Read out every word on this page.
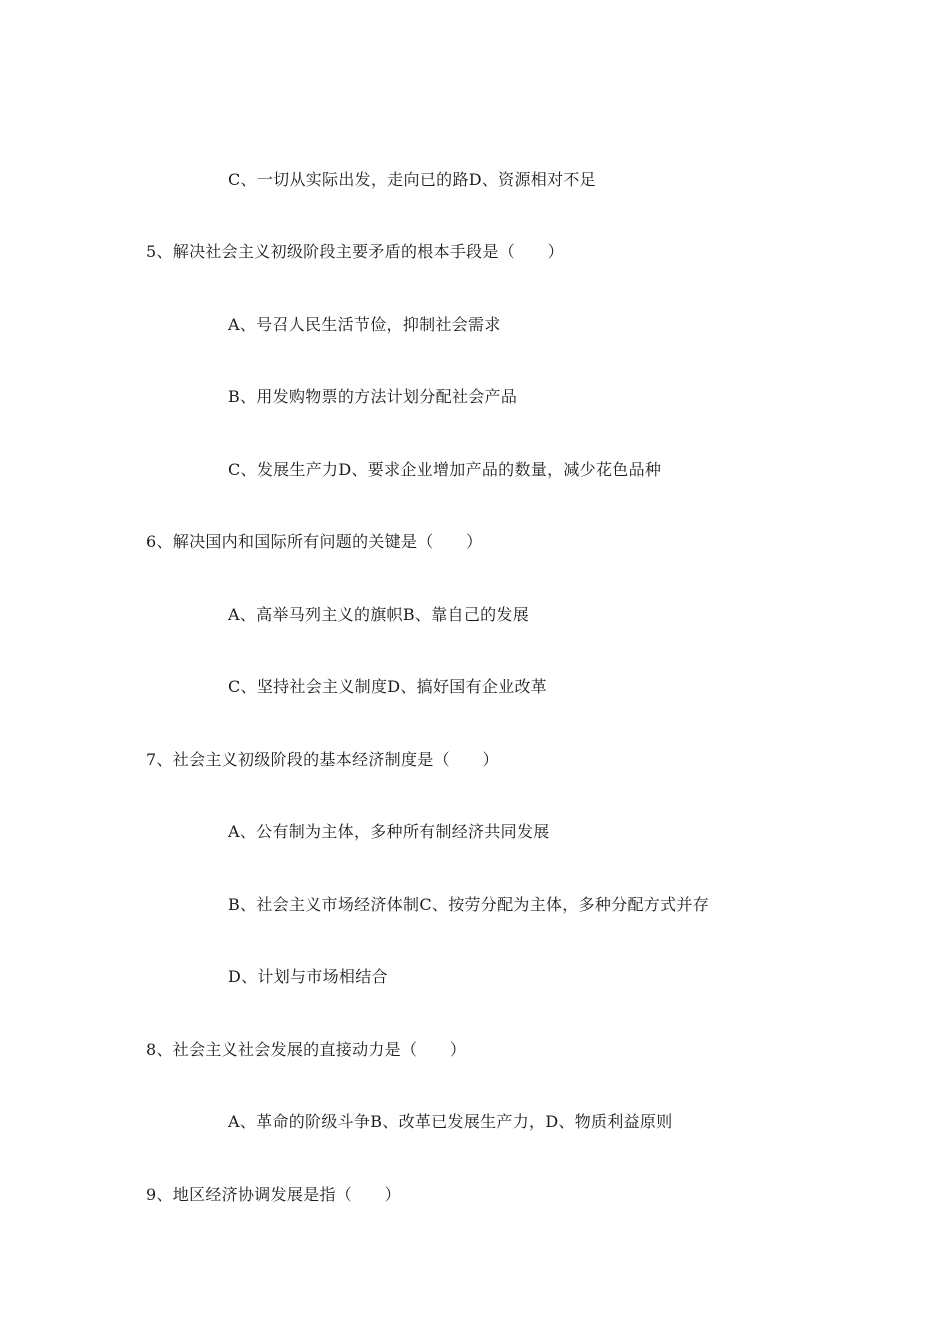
C、一切从实际出发，走向已的路D、资源相对不足
5、解决社会主义初级阶段主要矛盾的根本手段是（　　）
A、号召人民生活节俭，抑制社会需求
B、用发购物票的方法计划分配社会产品
C、发展生产力D、要求企业增加产品的数量，减少花色品种
6、解决国内和国际所有问题的关键是（　　）
A、高举马列主义的旗帜B、靠自己的发展
C、坚持社会主义制度D、搞好国有企业改革
7、社会主义初级阶段的基本经济制度是（　　）
A、公有制为主体，多种所有制经济共同发展
B、社会主义市场经济体制C、按劳分配为主体，多种分配方式并存
D、计划与市场相结合
8、社会主义社会发展的直接动力是（　　）
A、革命的阶级斗争B、改革已发展生产力，D、物质利益原则
9、地区经济协调发展是指（　　）
